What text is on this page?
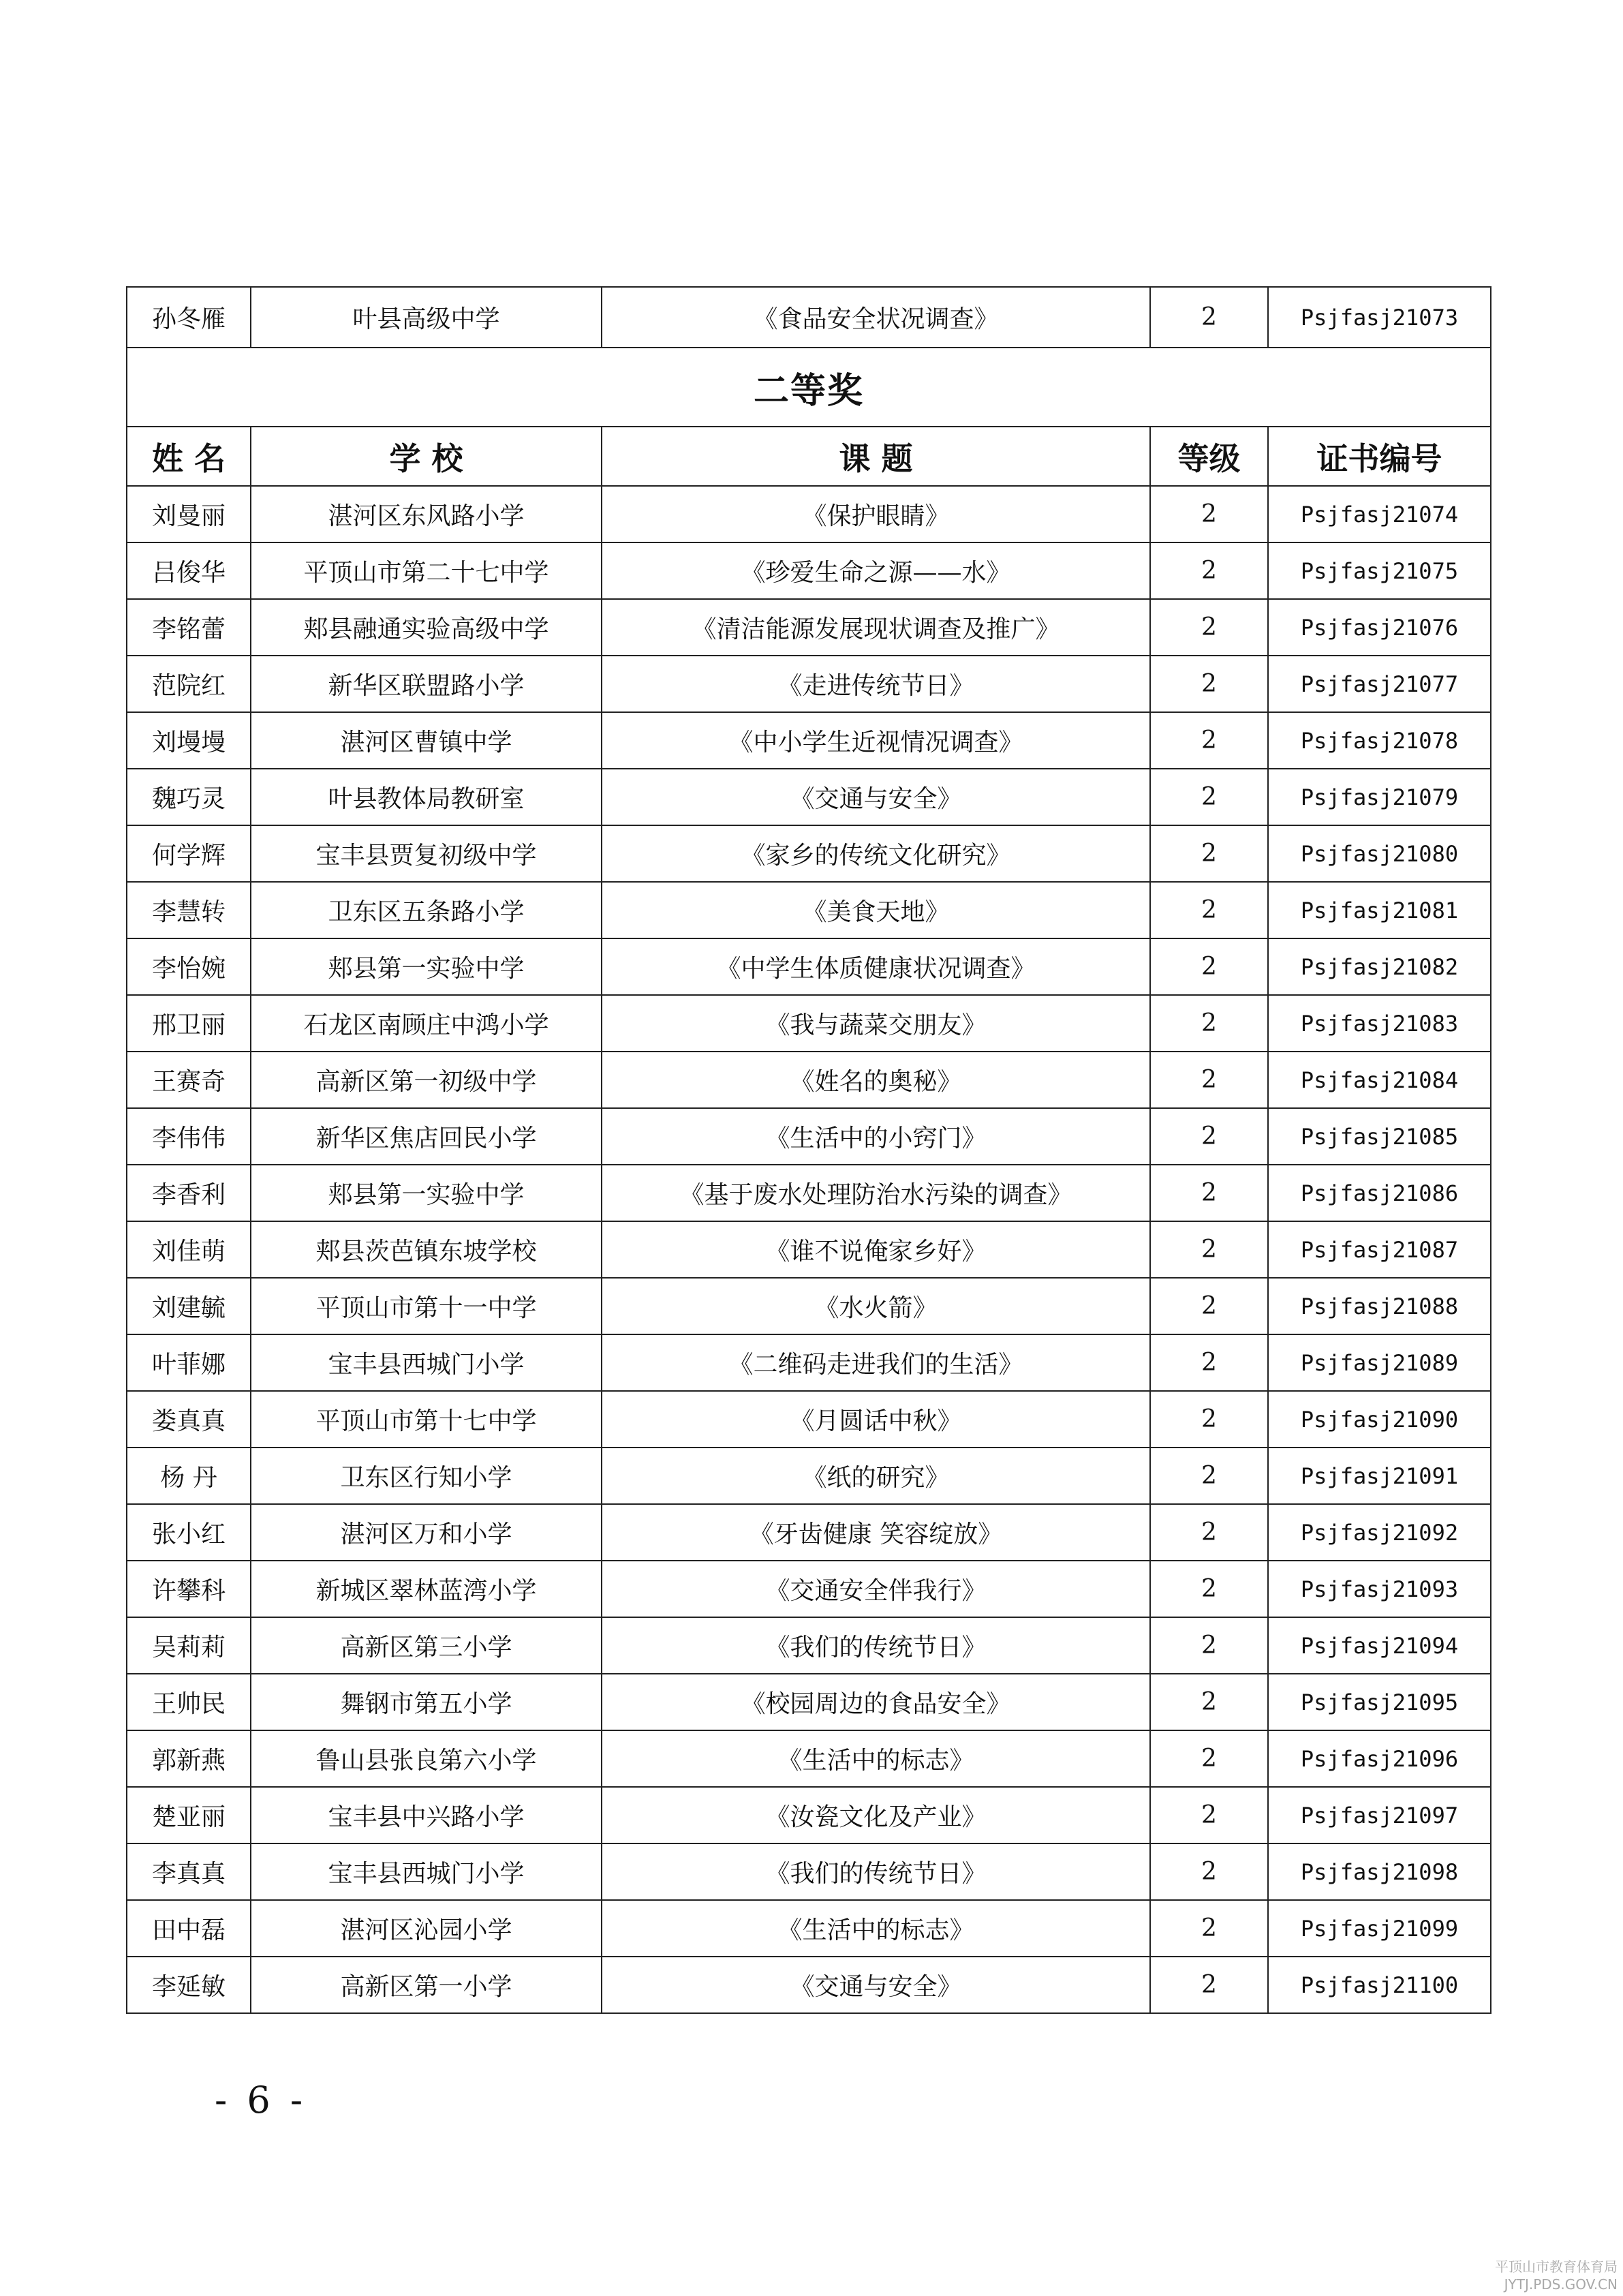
孙冬雁	叶县高级中学	《食品安全状况调查》	2	Psjfasj21073
二等奖				
姓 名	学 校	课 题	等级	证书编号
刘曼丽	湛河区东风路小学	《保护眼睛》	2	Psjfasj21074
吕俊华	平顶山市第二十七中学	《珍爱生命之源——水》	2	Psjfasj21075
李铭蕾	郏县融通实验高级中学	《清洁能源发展现状调查及推广》	2	Psjfasj21076
范院红	新华区联盟路小学	《走进传统节日》	2	Psjfasj21077
刘墁墁	湛河区曹镇中学	《中小学生近视情况调查》	2	Psjfasj21078
魏巧灵	叶县教体局教研室	《交通与安全》	2	Psjfasj21079
何学辉	宝丰县贾复初级中学	《家乡的传统文化研究》	2	Psjfasj21080
李慧转	卫东区五条路小学	《美食天地》	2	Psjfasj21081
李怡婉	郏县第一实验中学	《中学生体质健康状况调查》	2	Psjfasj21082
邢卫丽	石龙区南顾庄中鸿小学	《我与蔬菜交朋友》	2	Psjfasj21083
王赛奇	高新区第一初级中学	《姓名的奥秘》	2	Psjfasj21084
李伟伟	新华区焦店回民小学	《生活中的小窍门》	2	Psjfasj21085
李香利	郏县第一实验中学	《基于废水处理防治水污染的调查》	2	Psjfasj21086
刘佳萌	郏县茨芭镇东坡学校	《谁不说俺家乡好》	2	Psjfasj21087
刘建毓	平顶山市第十一中学	《水火箭》	2	Psjfasj21088
叶菲娜	宝丰县西城门小学	《二维码走进我们的生活》	2	Psjfasj21089
娄真真	平顶山市第十七中学	《月圆话中秋》	2	Psjfasj21090
杨 丹	卫东区行知小学	《纸的研究》	2	Psjfasj21091
张小红	湛河区万和小学	《牙齿健康 笑容绽放》	2	Psjfasj21092
许攀科	新城区翠林蓝湾小学	《交通安全伴我行》	2	Psjfasj21093
吴莉莉	高新区第三小学	《我们的传统节日》	2	Psjfasj21094
王帅民	舞钢市第五小学	《校园周边的食品安全》	2	Psjfasj21095
郭新燕	鲁山县张良第六小学	《生活中的标志》	2	Psjfasj21096
楚亚丽	宝丰县中兴路小学	《汝瓷文化及产业》	2	Psjfasj21097
李真真	宝丰县西城门小学	《我们的传统节日》	2	Psjfasj21098
田中磊	湛河区沁园小学	《生活中的标志》	2	Psjfasj21099
李延敏	高新区第一小学	《交通与安全》	2	Psjfasj21100
- 6 -
平顶山市教育体育局
JYTJ.PDS.GOV.CN
